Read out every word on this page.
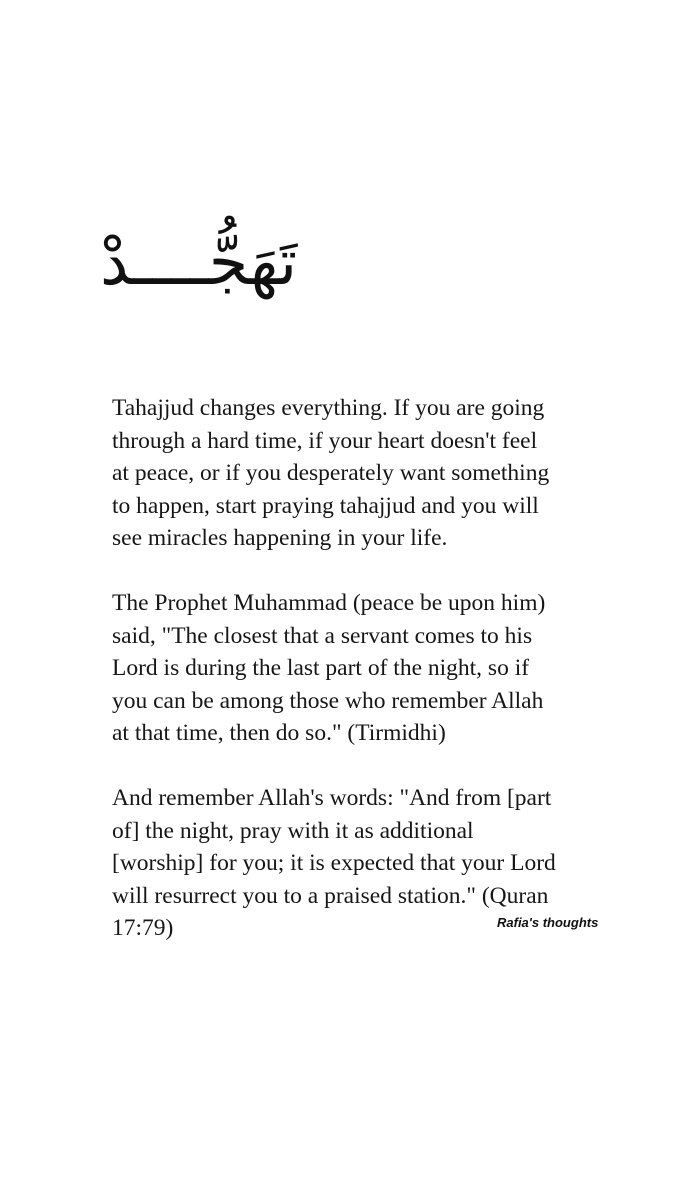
تَهَجُّــــدْ

Tahajjud changes everything. If you are going
through a hard time, if your heart doesn't feel
at peace, or if you desperately want something
to happen, start praying tahajjud and you will
see miracles happening in your life.

The Prophet Muhammad (peace be upon him)
said, "The closest that a servant comes to his
Lord is during the last part of the night, so if
you can be among those who remember Allah
at that time, then do so." (Tirmidhi)

And remember Allah's words: "And from [part
of] the night, pray with it as additional
[worship] for you; it is expected that your Lord
will resurrect you to a praised station." (Quran
17:79)	Rafia's thoughts
